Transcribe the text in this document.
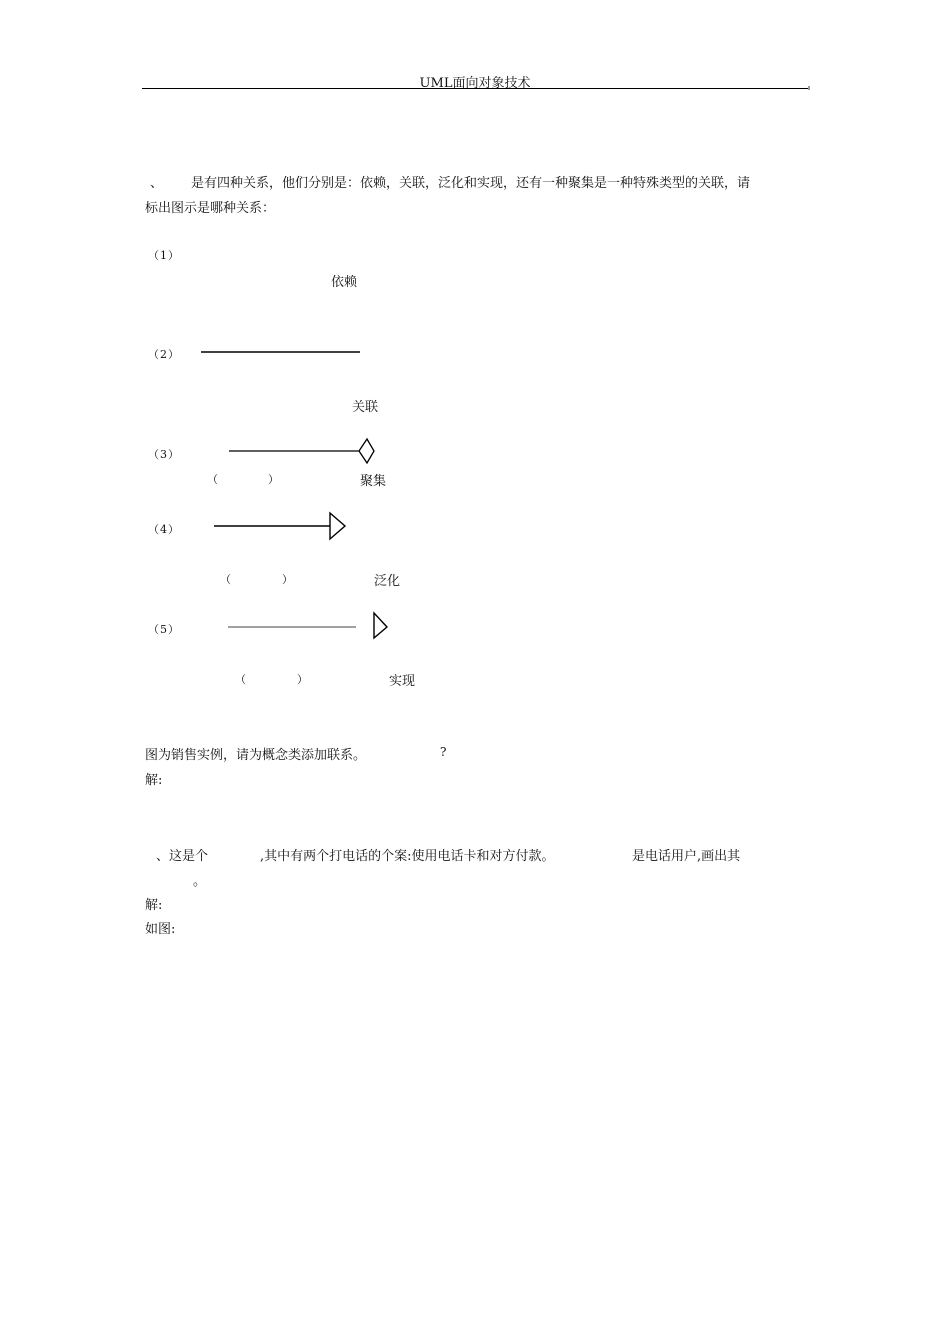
UML面向对象技术
、 是有四种关系，他们分别是：依赖，关联，泛化和实现，还有一种聚集是一种特殊类型的关联，请
标出图示是哪种关系：
（1）
依赖
（2）
关联
（3）
（	）	聚集
（4）
（	）	泛化
（5）
（	）	实现
图为销售实例，请为概念类添加联系。	?
解:
、这是个	,其中有两个打电话的个案:使用电话卡和对方付款。	是电话用户,画出其
。
解:
如图:
